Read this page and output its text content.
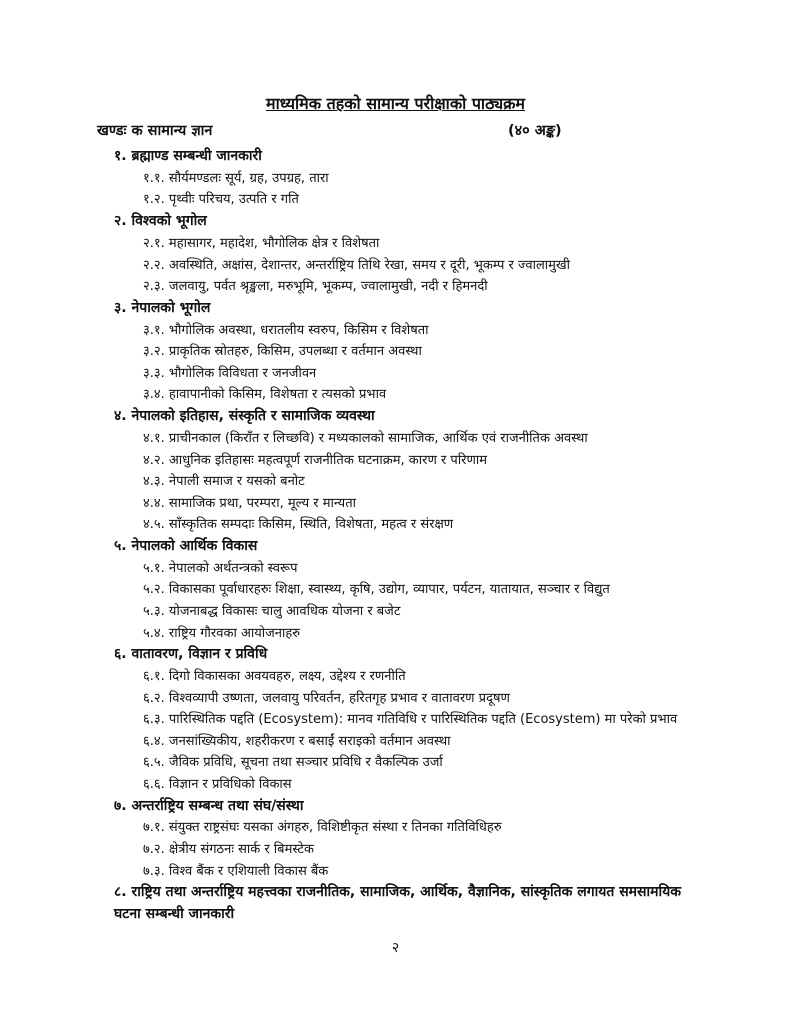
माध्यमिक तहको सामान्य परीक्षाको पाठ्यक्रम
खण्डः क सामान्य ज्ञान	(४० अङ्क)
१. ब्रह्माण्ड सम्बन्धी जानकारी
१.१. सौर्यमण्डलः सूर्य, ग्रह, उपग्रह, तारा
१.२. पृथ्वीः परिचय, उत्पति र गति
२. विश्वको भूगोल
२.१. महासागर, महादेश, भौगोलिक क्षेत्र र विशेषता
२.२. अवस्थिति, अक्षांस, देशान्तर, अन्तर्राष्ट्रिय तिथि रेखा, समय र दूरी, भूकम्प र ज्वालामुखी
२.३. जलवायु, पर्वत श्रृङ्खला, मरुभूमि, भूकम्प, ज्वालामुखी, नदी र हिमनदी
३. नेपालको भूगोल
३.१. भौगोलिक अवस्था, धरातलीय स्वरुप, किसिम र विशेषता
३.२. प्राकृतिक स्रोतहरु, किसिम, उपलब्धा र वर्तमान अवस्था
३.३. भौगोलिक विविधता र जनजीवन
३.४. हावापानीको किसिम, विशेषता र त्यसको प्रभाव
४. नेपालको इतिहास, संस्कृति र सामाजिक व्यवस्था
४.१. प्राचीनकाल (किराँत र लिच्छवि) र मध्यकालको सामाजिक, आर्थिक एवं राजनीतिक अवस्था
४.२. आधुनिक इतिहासः महत्वपूर्ण राजनीतिक घटनाक्रम, कारण र परिणाम
४.३. नेपाली समाज र यसको बनोट
४.४. सामाजिक प्रथा, परम्परा, मूल्य र मान्यता
४.५. साँस्कृतिक सम्पदाः किसिम, स्थिति, विशेषता, महत्व र संरक्षण
५. नेपालको आर्थिक विकास
५.१. नेपालको अर्थतन्त्रको स्वरूप
५.२. विकासका पूर्वाधारहरुः शिक्षा, स्वास्थ्य, कृषि, उद्योग, व्यापार, पर्यटन, यातायात, सञ्चार र विद्युत
५.३. योजनाबद्ध विकासः चालु आवधिक योजना र बजेट
५.४. राष्ट्रिय गौरवका आयोजनाहरु
६. वातावरण, विज्ञान र प्रविधि
६.१. दिगो विकासका अवयवहरु, लक्ष्य, उद्देश्य र रणनीति
६.२. विश्वव्यापी उष्णता, जलवायु परिवर्तन, हरितगृह प्रभाव र वातावरण प्रदूषण
६.३. पारिस्थितिक पद्दति (Ecosystem): मानव गतिविधि र पारिस्थितिक पद्दति (Ecosystem) मा परेको प्रभाव
६.४. जनसांख्यिकीय, शहरीकरण र बसाईं सराइको वर्तमान अवस्था
६.५. जैविक प्रविधि, सूचना तथा सञ्चार प्रविधि र वैकल्पिक उर्जा
६.६. विज्ञान र प्रविधिको विकास
७. अन्तर्राष्ट्रिय सम्बन्ध तथा संघ/संस्था
७.१. संयुक्त राष्ट्रसंघः यसका अंगहरु, विशिष्टीकृत संस्था र तिनका गतिविधिहरु
७.२. क्षेत्रीय संगठनः सार्क र बिमस्टेक
७.३. विश्व बैंक र एशियाली विकास बैंक
८. राष्ट्रिय तथा अन्तर्राष्ट्रिय महत्त्वका राजनीतिक, सामाजिक, आर्थिक, वैज्ञानिक, सांस्कृतिक लगायत समसामयिक घटना सम्बन्धी जानकारी
२
